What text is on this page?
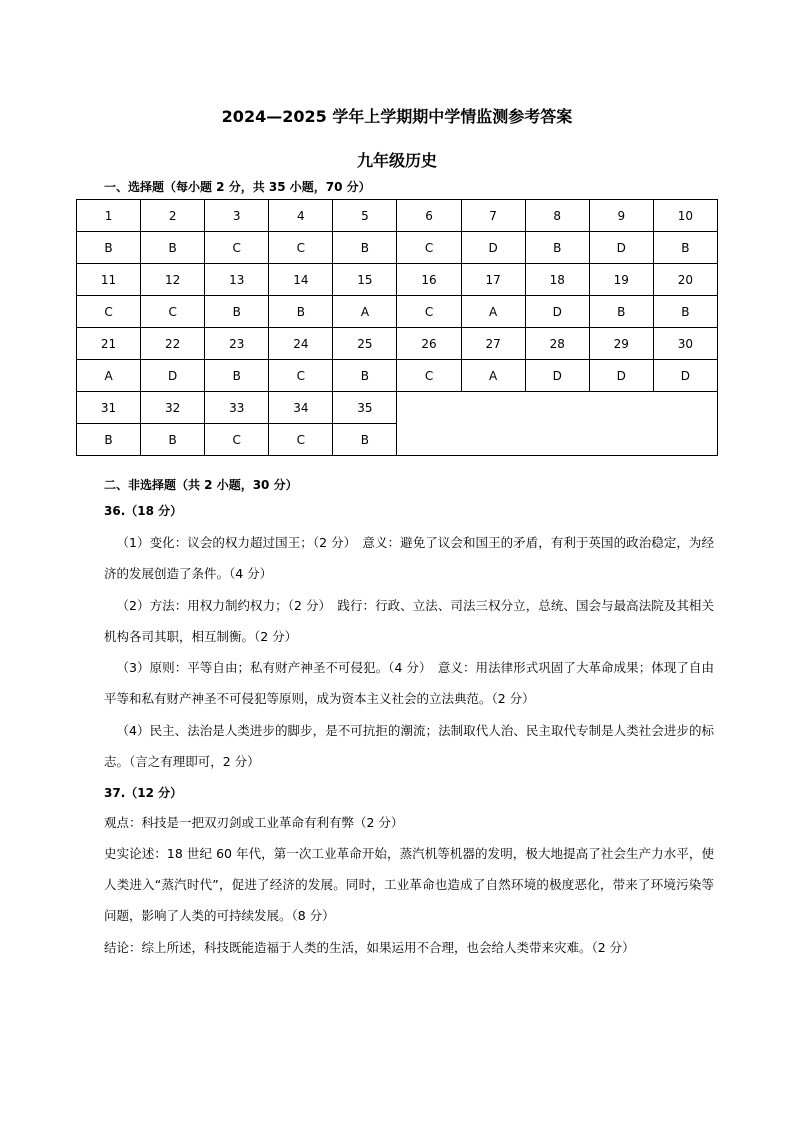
2024—2025 学年上学期期中学情监测参考答案
九年级历史
一、选择题（每小题 2 分，共 35 小题，70 分）
1	2	3	4	5	6	7	8	9	10
B	B	C	C	B	C	D	B	D	B
11	12	13	14	15	16	17	18	19	20
C	C	B	B	A	C	A	D	B	B
21	22	23	24	25	26	27	28	29	30
A	D	B	C	B	C	A	D	D	D
31	32	33	34	35					
B	B	C	C	B					
二、非选择题（共 2 小题，30 分）
36.（18 分）
（1）变化：议会的权力超过国王；（2 分）　意义：避免了议会和国王的矛盾，有利于英国的政治稳定，为经济的发展创造了条件。（4 分）
（2）方法：用权力制约权力；（2 分）　践行：行政、立法、司法三权分立，总统、国会与最高法院及其相关机构各司其职，相互制衡。（2 分）
（3）原则：平等自由；私有财产神圣不可侵犯。（4 分）　意义：用法律形式巩固了大革命成果；体现了自由平等和私有财产神圣不可侵犯等原则，成为资本主义社会的立法典范。（2 分）
（4）民主、法治是人类进步的脚步，是不可抗拒的潮流；法制取代人治、民主取代专制是人类社会进步的标志。（言之有理即可，2 分）
37.（12 分）
观点：科技是一把双刃剑或工业革命有利有弊（2 分）
史实论述：18 世纪 60 年代，第一次工业革命开始，蒸汽机等机器的发明，极大地提高了社会生产力水平，使人类进入“蒸汽时代”，促进了经济的发展。同时，工业革命也造成了自然环境的极度恶化，带来了环境污染等问题，影响了人类的可持续发展。（8 分）
结论：综上所述，科技既能造福于人类的生活，如果运用不合理，也会给人类带来灾难。（2 分）
